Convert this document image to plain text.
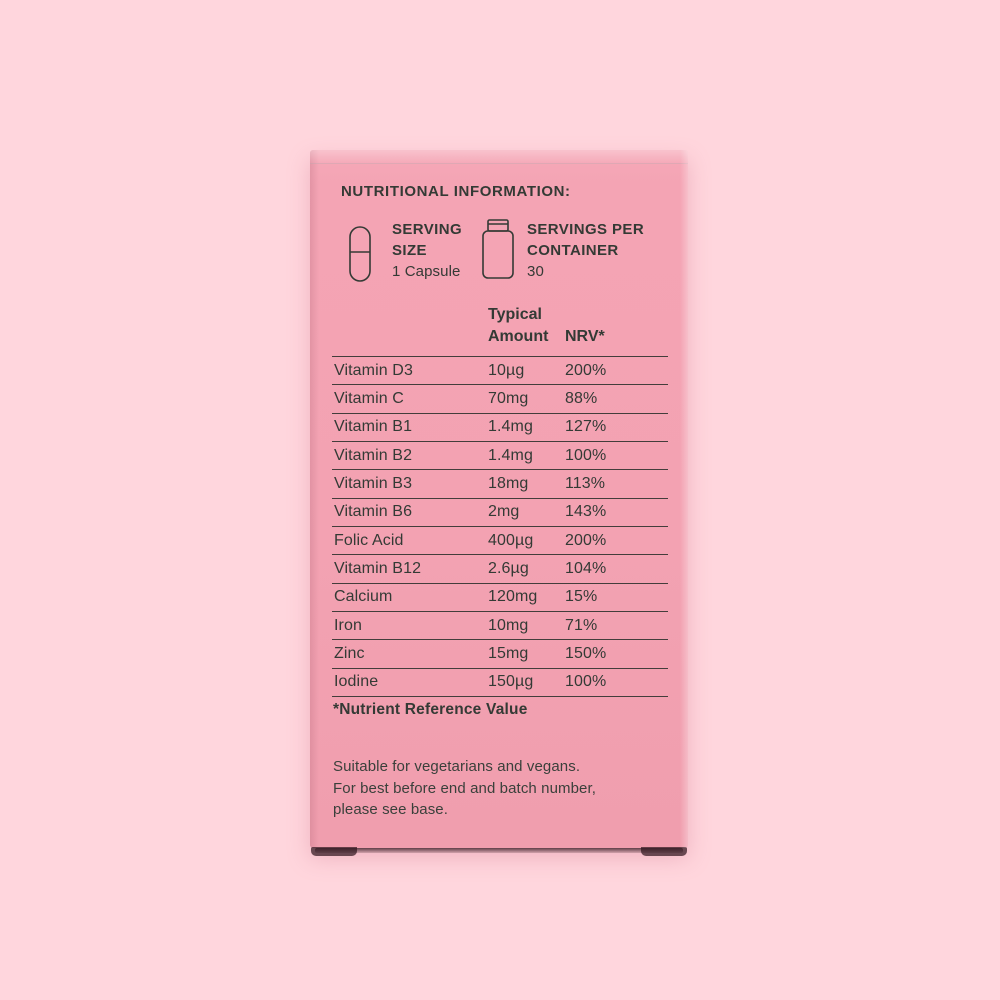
NUTRITIONAL INFORMATION:
SERVING
SIZE
1 Capsule
SERVINGS PER
CONTAINER
30
Typical
Amount	NRV*
Vitamin D3	10µg	200%
Vitamin C	70mg	88%
Vitamin B1	1.4mg	127%
Vitamin B2	1.4mg	100%
Vitamin B3	18mg	113%
Vitamin B6	2mg	143%
Folic Acid	400µg	200%
Vitamin B12	2.6µg	104%
Calcium	120mg	15%
Iron	10mg	71%
Zinc	15mg	150%
Iodine	150µg	100%
*Nutrient Reference Value
Suitable for vegetarians and vegans.
For best before end and batch number,
please see base.
